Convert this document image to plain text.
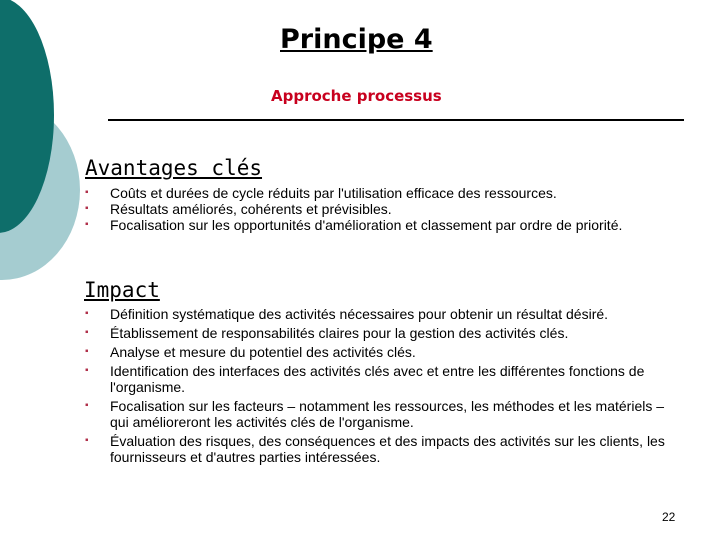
Principe 4
Approche processus
Avantages clés
▪ Coûts et durées de cycle réduits par l'utilisation efficace des ressources.
▪ Résultats améliorés, cohérents et prévisibles.
▪ Focalisation sur les opportunités d'amélioration et classement par ordre de priorité.
Impact
▪ Définition systématique des activités nécessaires pour obtenir un résultat désiré.
▪ Établissement de responsabilités claires pour la gestion des activités clés.
▪ Analyse et mesure du potentiel des activités clés.
▪ Identification des interfaces des activités clés avec et entre les différentes fonctions de l'organisme.
▪ Focalisation sur les facteurs – notamment les ressources, les méthodes et les matériels – qui amélioreront les activités clés de l'organisme.
▪ Évaluation des risques, des conséquences et des impacts des activités sur les clients, les fournisseurs et d'autres parties intéressées.
22
